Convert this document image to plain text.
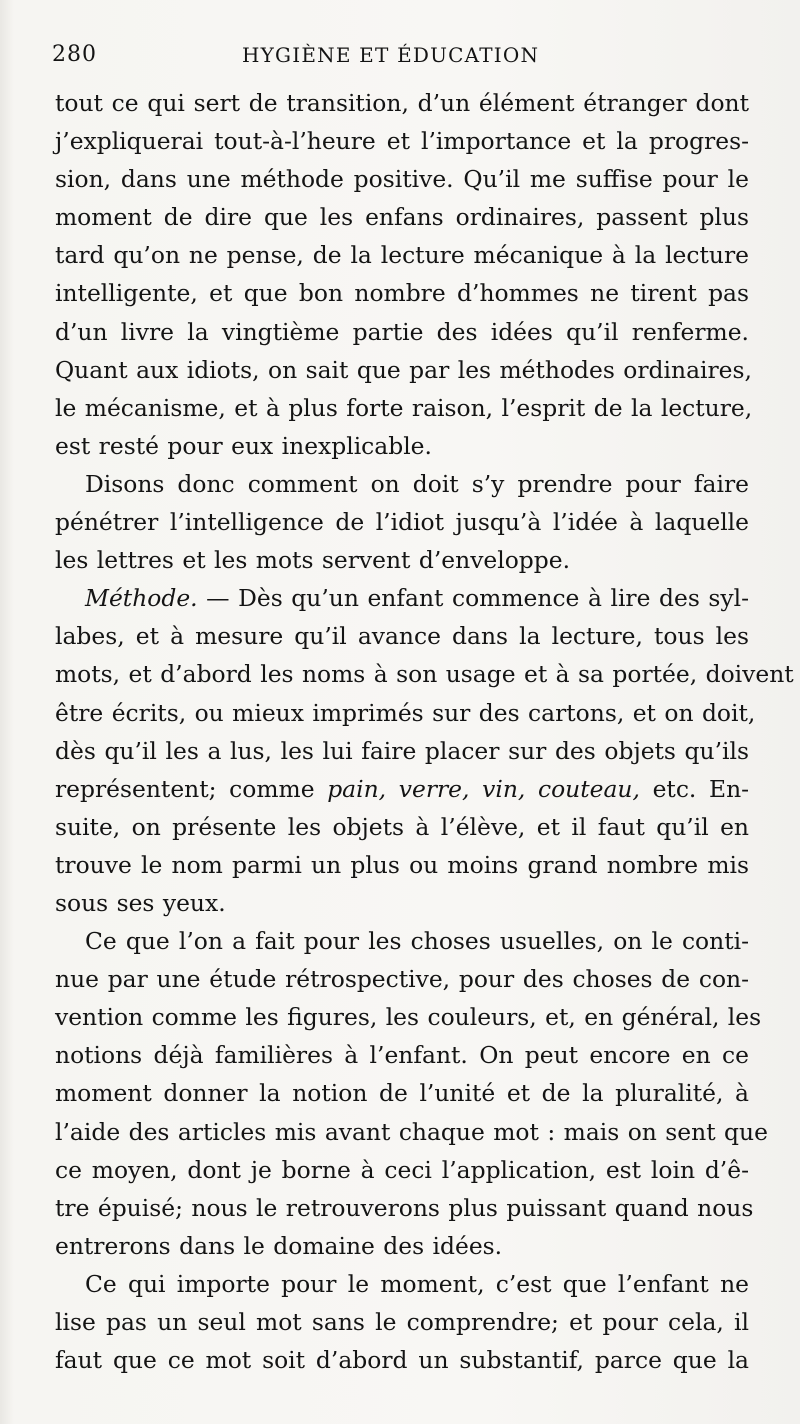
280	HYGIÈNE ET ÉDUCATION
tout ce qui sert de transition, d’un élément étranger dont
j’expliquerai tout-à-l’heure et l’importance et la progres-
sion, dans une méthode positive. Qu’il me suffise pour le
moment de dire que les enfans ordinaires, passent plus
tard qu’on ne pense, de la lecture mécanique à la lecture
intelligente, et que bon nombre d’hommes ne tirent pas
d’un livre la vingtième partie des idées qu’il renferme.
Quant aux idiots, on sait que par les méthodes ordinaires,
le mécanisme, et à plus forte raison, l’esprit de la lecture,
est resté pour eux inexplicable.
Disons donc comment on doit s’y prendre pour faire
pénétrer l’intelligence de l’idiot jusqu’à l’idée à laquelle
les lettres et les mots servent d’enveloppe.
Méthode. — Dès qu’un enfant commence à lire des syl-
labes, et à mesure qu’il avance dans la lecture, tous les
mots, et d’abord les noms à son usage et à sa portée, doivent
être écrits, ou mieux imprimés sur des cartons, et on doit,
dès qu’il les a lus, les lui faire placer sur des objets qu’ils
représentent; comme pain, verre, vin, couteau, etc. En-
suite, on présente les objets à l’élève, et il faut qu’il en
trouve le nom parmi un plus ou moins grand nombre mis
sous ses yeux.
Ce que l’on a fait pour les choses usuelles, on le conti-
nue par une étude rétrospective, pour des choses de con-
vention comme les figures, les couleurs, et, en général, les
notions déjà familières à l’enfant. On peut encore en ce
moment donner la notion de l’unité et de la pluralité, à
l’aide des articles mis avant chaque mot : mais on sent que
ce moyen, dont je borne à ceci l’application, est loin d’ê-
tre épuisé; nous le retrouverons plus puissant quand nous
entrerons dans le domaine des idées.
Ce qui importe pour le moment, c’est que l’enfant ne
lise pas un seul mot sans le comprendre; et pour cela, il
faut que ce mot soit d’abord un substantif, parce que la
